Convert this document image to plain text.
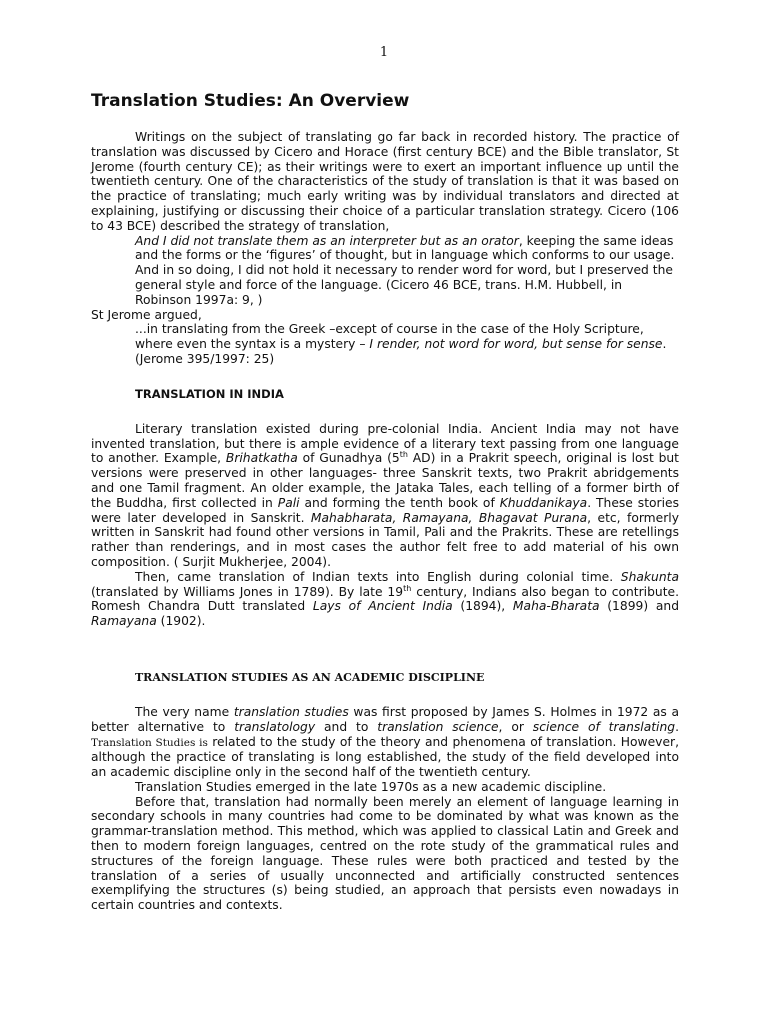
1
Translation Studies: An Overview

Writings on the subject of translating go far back in recorded history. The practice of translation was discussed by Cicero and Horace (first century BCE) and the Bible translator, St Jerome (fourth century CE); as their writings were to exert an important influence up until the twentieth century. One of the characteristics of the study of translation is that it was based on the practice of translating; much early writing was by individual translators and directed at explaining, justifying or discussing their choice of a particular translation strategy. Cicero (106 to 43 BCE) described the strategy of translation,

And I did not translate them as an interpreter but as an orator, keeping the same ideas and the forms or the ‘figures’ of thought, but in language which conforms to our usage. And in so doing, I did not hold it necessary to render word for word, but I preserved the general style and force of the language. (Cicero 46 BCE, trans. H.M. Hubbell, in Robinson 1997a: 9, )

St Jerome argued,

...in translating from the Greek –except of course in the case of the Holy Scripture, where even the syntax is a mystery – I render, not word for word, but sense for sense. (Jerome 395/1997: 25)

TRANSLATION IN INDIA

Literary translation existed during pre-colonial India. Ancient India may not have invented translation, but there is ample evidence of a literary text passing from one language to another. Example, Brihatkatha of Gunadhya (5th AD) in a Prakrit speech, original is lost but versions were preserved in other languages- three Sanskrit texts, two Prakrit abridgements and one Tamil fragment. An older example, the Jataka Tales, each telling of a former birth of the Buddha, first collected in Pali and forming the tenth book of Khuddanikaya. These stories were later developed in Sanskrit. Mahabharata, Ramayana, Bhagavat Purana, etc, formerly written in Sanskrit had found other versions in Tamil, Pali and the Prakrits. These are retellings rather than renderings, and in most cases the author felt free to add material of his own composition. ( Surjit Mukherjee, 2004).

Then, came translation of Indian texts into English during colonial time. Shakunta (translated by Williams Jones in 1789). By late 19th century, Indians also began to contribute. Romesh Chandra Dutt translated Lays of Ancient India (1894), Maha-Bharata (1899) and Ramayana (1902).

TRANSLATION STUDIES AS AN ACADEMIC DISCIPLINE

The very name translation studies was first proposed by James S. Holmes in 1972 as a better alternative to translatology and to translation science, or science of translating. Translation Studies is related to the study of the theory and phenomena of translation. However, although the practice of translating is long established, the study of the field developed into an academic discipline only in the second half of the twentieth century.

Translation Studies emerged in the late 1970s as a new academic discipline.

Before that, translation had normally been merely an element of language learning in secondary schools in many countries had come to be dominated by what was known as the grammar-translation method. This method, which was applied to classical Latin and Greek and then to modern foreign languages, centred on the rote study of the grammatical rules and structures of the foreign language. These rules were both practiced and tested by the translation of a series of usually unconnected and artificially constructed sentences exemplifying the structures (s) being studied, an approach that persists even nowadays in certain countries and contexts.
